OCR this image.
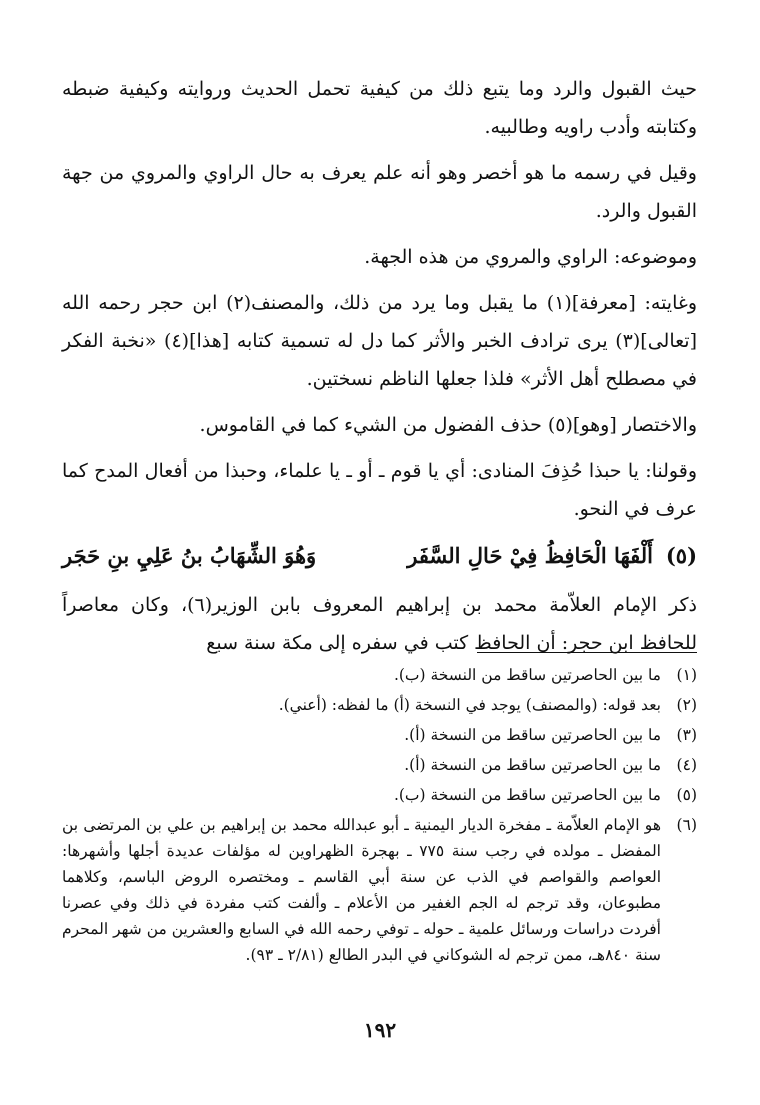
حيث القبول والرد وما يتبع ذلك من كيفية تحمل الحديث وروايته وكيفية ضبطه وكتابته وأدب راويه وطالبيه.

وقيل في رسمه ما هو أخصر وهو أنه علم يعرف به حال الراوي والمروي من جهة القبول والرد.

وموضوعه: الراوي والمروي من هذه الجهة.

وغايته: [معرفة](١) ما يقبل وما يرد من ذلك، والمصنف(٢) ابن حجر رحمه الله [تعالى](٣) يرى ترادف الخبر والأثر كما دل له تسمية كتابه [هذا](٤) «نخبة الفكر في مصطلح أهل الأثر» فلذا جعلها الناظم نسختين.

والاختصار [وهو](٥) حذف الفضول من الشيء كما في القاموس.

وقولنا: يا حبذا حُذِفَ المنادى: أي يا قوم ـ أو ـ يا علماء، وحبذا من أفعال المدح كما عرف في النحو.

(٥)
أَلْفَهَا الْحَافِظُ فِيْ حَالِ السَّفَر
وَهُوَ الشِّهَابُ بنُ عَلِيِ بنِ حَجَر

ذكر الإمام العلاّمة محمد بن إبراهيم المعروف بابن الوزير(٦)، وكان معاصراً للحافظ ابن حجر: أن الحافظ كتب في سفره إلى مكة سنة سبع

(١)
ما بين الحاصرتين ساقط من النسخة (ب).
(٢)
بعد قوله: (والمصنف) يوجد في النسخة (أ) ما لفظه: (أعني).
(٣)
ما بين الحاصرتين ساقط من النسخة (أ).
(٤)
ما بين الحاصرتين ساقط من النسخة (أ).
(٥)
ما بين الحاصرتين ساقط من النسخة (ب).
(٦)
هو الإمام العلاّمة ـ مفخرة الديار اليمنية ـ أبو عبدالله محمد بن إبراهيم بن علي بن المرتضى بن المفضل ـ مولده في رجب سنة ٧٧٥ ـ بهجرة الظهراوين له مؤلفات عديدة أجلها وأشهرها: العواصم والقواصم في الذب عن سنة أبي القاسم ـ ومختصره الروض الباسم، وكلاهما مطبوعان، وقد ترجم له الجم الغفير من الأعلام ـ وألفت كتب مفردة في ذلك وفي عصرنا أفردت دراسات ورسائل علمية ـ حوله ـ توفي رحمه الله في السابع والعشرين من شهر المحرم سنة ٨٤٠هـ، ممن ترجم له الشوكاني في البدر الطالع (٢/٨١ ـ ٩٣).
١٩٢
